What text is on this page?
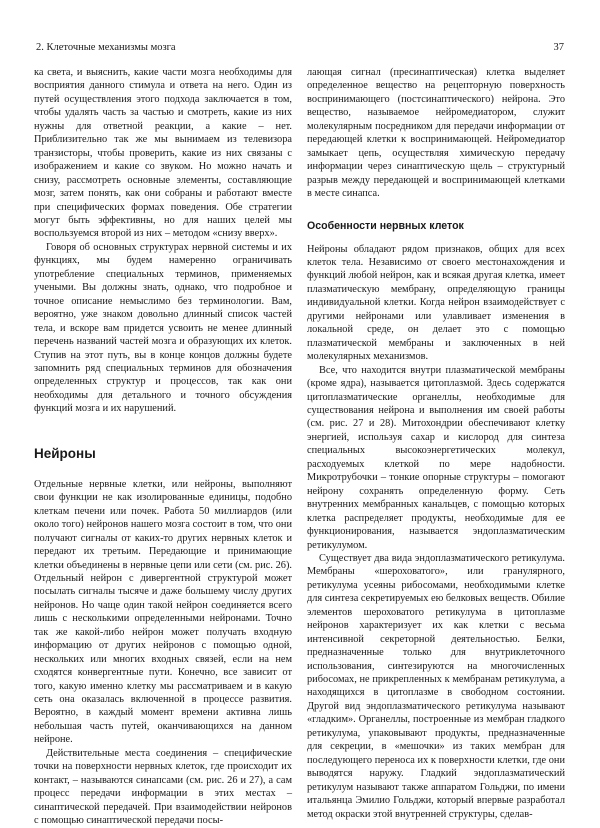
2. Клеточные механизмы мозга	37

ка света, и выяснить, какие части мозга необходимы для восприятия данного стимула и ответа на него. Один из путей осуществления этого подхода заключается в том, чтобы удалять часть за частью и смотреть, какие из них нужны для ответной реакции, а какие – нет. Приблизительно так же мы вынимаем из телевизора транзисторы, чтобы проверить, какие из них связаны с изображением и какие со звуком. Но можно начать и снизу, рассмотреть основные элементы, составляющие мозг, затем понять, как они собраны и работают вместе при специфических формах поведения. Обе стратегии могут быть эффективны, но для наших целей мы воспользуемся второй из них – методом «снизу вверх».

Говоря об основных структурах нервной системы и их функциях, мы будем намеренно ограничивать употребление специальных терминов, применяемых учеными. Вы должны знать, однако, что подробное и точное описание немыслимо без терминологии. Вам, вероятно, уже знаком довольно длинный список частей тела, и вскоре вам придется усвоить не менее длинный перечень названий частей мозга и образующих их клеток. Ступив на этот путь, вы в конце концов должны будете запомнить ряд специальных терминов для обозначения определенных структур и процессов, так как они необходимы для детального и точного обсуждения функций мозга и их нарушений.

Нейроны

Отдельные нервные клетки, или нейроны, выполняют свои функции не как изолированные единицы, подобно клеткам печени или почек. Работа 50 миллиардов (или около того) нейронов нашего мозга состоит в том, что они получают сигналы от каких-то других нервных клеток и передают их третьим. Передающие и принимающие клетки объединены в нервные цепи или сети (см. рис. 26). Отдельный нейрон с дивергентной структурой может посылать сигналы тысяче и даже большему числу других нейронов. Но чаще один такой нейрон соединяется всего лишь с несколькими определенными нейронами. Точно так же какой-либо нейрон может получать входную информацию от других нейронов с помощью одной, нескольких или многих входных связей, если на нем сходятся конвергентные пути. Конечно, все зависит от того, какую именно клетку мы рассматриваем и в какую сеть она оказалась включенной в процессе развития. Вероятно, в каждый момент времени активна лишь небольшая часть путей, оканчивающихся на данном нейроне.

Действительные места соединения – специфические точки на поверхности нервных клеток, где происходит их контакт, – называются синапсами (см. рис. 26 и 27), а сам процесс передачи информации в этих местах – синаптической передачей. При взаимодействии нейронов с помощью синаптической передачи посы-

лающая сигнал (пресинаптическая) клетка выделяет определенное вещество на рецепторную поверхность воспринимающего (постсинаптического) нейрона. Это вещество, называемое нейромедиатором, служит молекулярным посредником для передачи информации от передающей клетки к воспринимающей. Нейромедиатор замыкает цепь, осуществляя химическую передачу информации через синаптическую щель – структурный разрыв между передающей и воспринимающей клетками в месте синапса.

Особенности нервных клеток

Нейроны обладают рядом признаков, общих для всех клеток тела. Независимо от своего местонахождения и функций любой нейрон, как и всякая другая клетка, имеет плазматическую мембрану, определяющую границы индивидуальной клетки. Когда нейрон взаимодействует с другими нейронами или улавливает изменения в локальной среде, он делает это с помощью плазматической мембраны и заключенных в ней молекулярных механизмов.

Все, что находится внутри плазматической мембраны (кроме ядра), называется цитоплазмой. Здесь содержатся цитоплазматические органеллы, необходимые для существования нейрона и выполнения им своей работы (см. рис. 27 и 28). Митохондрии обеспечивают клетку энергией, используя сахар и кислород для синтеза специальных высокоэнергетических молекул, расходуемых клеткой по мере надобности. Микротрубочки – тонкие опорные структуры – помогают нейрону сохранять определенную форму. Сеть внутренних мембранных канальцев, с помощью которых клетка распределяет продукты, необходимые для ее функционирования, называется эндоплазматическим ретикулумом.

Существует два вида эндоплазматического ретикулума. Мембраны «шероховатого», или гранулярного, ретикулума усеяны рибосомами, необходимыми клетке для синтеза секретируемых ею белковых веществ. Обилие элементов шероховатого ретикулума в цитоплазме нейронов характеризует их как клетки с весьма интенсивной секреторной деятельностью. Белки, предназначенные только для внутриклеточного использования, синтезируются на многочисленных рибосомах, не прикрепленных к мембранам ретикулума, а находящихся в цитоплазме в свободном состоянии. Другой вид эндоплазматического ретикулума называют «гладким». Органеллы, построенные из мембран гладкого ретикулума, упаковывают продукты, предназначенные для секреции, в «мешочки» из таких мембран для последующего переноса их к поверхности клетки, где они выводятся наружу. Гладкий эндоплазматический ретикулум называют также аппаратом Гольджи, по имени итальянца Эмилио Гольджи, который впервые разработал метод окраски этой внутренней структуры, сделав-
